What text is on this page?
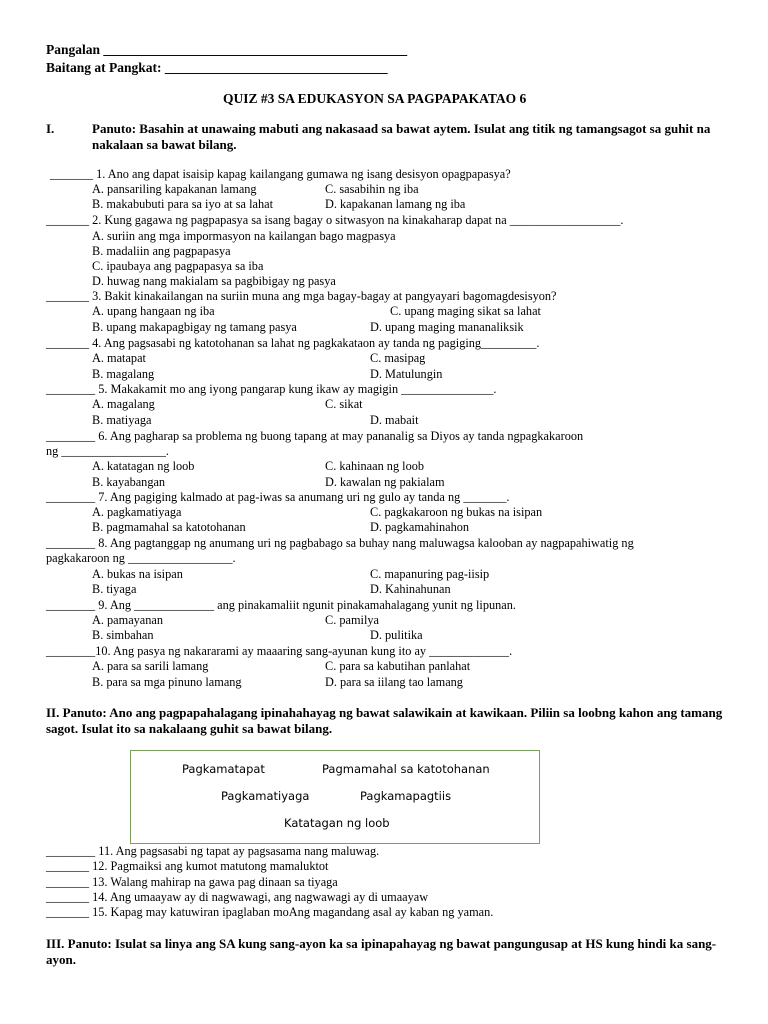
Pangalan _____________________________________________
Baitang at Pangkat: _________________________________
QUIZ #3 SA EDUKASYON SA PAGPAPAKATAO 6
I.	Panuto: Basahin at unawaing mabuti ang nakasaad sa bawat aytem. Isulat ang titik ng tamangsagot sa guhit na nakalaan sa bawat bilang.
_______ 1. Ano ang dapat isaisip kapag kailangang gumawa ng isang desisyon opagpapasya?
A. pansariling kapakanan lamang	C. sasabihin ng iba
B. makabubuti para sa iyo at sa lahat	D. kapakanan lamang ng iba
_______ 2. Kung gagawa ng pagpapasya sa isang bagay o sitwasyon na kinakaharap dapat na __________________.
A. suriin ang mga impormasyon na kailangan bago magpasya
B. madaliin ang pagpapasya
C. ipaubaya ang pagpapasya sa iba
D. huwag nang makialam sa pagbibigay ng pasya
_______ 3. Bakit kinakailangan na suriin muna ang mga bagay-bagay at pangyayari bagomagdesisyon?
A. upang hangaan ng iba	C. upang maging sikat sa lahat
B. upang makapagbigay ng tamang pasya	D. upang maging mananaliksik
_______ 4. Ang pagsasabi ng katotohanan sa lahat ng pagkakataon ay tanda ng pagiging_________.
A. matapat	C. masipag
B. magalang	D. Matulungin
________ 5. Makakamit mo ang iyong pangarap kung ikaw ay magigin _______________.
A. magalang	C. sikat
B. matiyaga	D. mabait
________ 6. Ang pagharap sa problema ng buong tapang at may pananalig sa Diyos ay tanda ngpagkakaroon
ng _________________.
A. katatagan ng loob	C. kahinaan ng loob
B. kayabangan	D. kawalan ng pakialam
________ 7. Ang pagiging kalmado at pag-iwas sa anumang uri ng gulo ay tanda ng _______.
A. pagkamatiyaga	C. pagkakaroon ng bukas na isipan
B. pagmamahal sa katotohanan	D. pagkamahinahon
________ 8. Ang pagtanggap ng anumang uri ng pagbabago sa buhay nang maluwagsa kalooban ay nagpapahiwatig ng
pagkakaroon ng _________________.
A. bukas na isipan	C. mapanuring pag-iisip
B. tiyaga	D. Kahinahunan
________ 9. Ang _____________ ang pinakamaliit ngunit pinakamahalagang yunit ng lipunan.
A. pamayanan	C. pamilya
B. simbahan	D. pulitika
________10. Ang pasya ng nakararami ay maaaring sang-ayunan kung ito ay _____________.
A. para sa sarili lamang	C. para sa kabutihan panlahat
B. para sa mga pinuno lamang	D. para sa iilang tao lamang
II. Panuto: Ano ang pagpapahalagang ipinahahayag ng bawat salawikain at kawikaan. Piliin sa loobng kahon ang tamang sagot. Isulat ito sa nakalaang guhit sa bawat bilang.
Pagkamatapat	Pagmamahal sa katotohanan
Pagkamatiyaga	Pagkamapagtiis
Katatagan ng loob
________ 11. Ang pagsasabi ng tapat ay pagsasama nang maluwag.
_______ 12. Pagmaiksi ang kumot matutong mamaluktot
_______ 13. Walang mahirap na gawa pag dinaan sa tiyaga
_______ 14. Ang umaayaw ay di nagwawagi, ang nagwawagi ay di umaayaw
_______ 15. Kapag may katuwiran ipaglaban moAng magandang asal ay kaban ng yaman.
III. Panuto: Isulat sa linya ang SA kung sang-ayon ka sa ipinapahayag ng bawat pangungusap at HS kung hindi ka sang-ayon.
